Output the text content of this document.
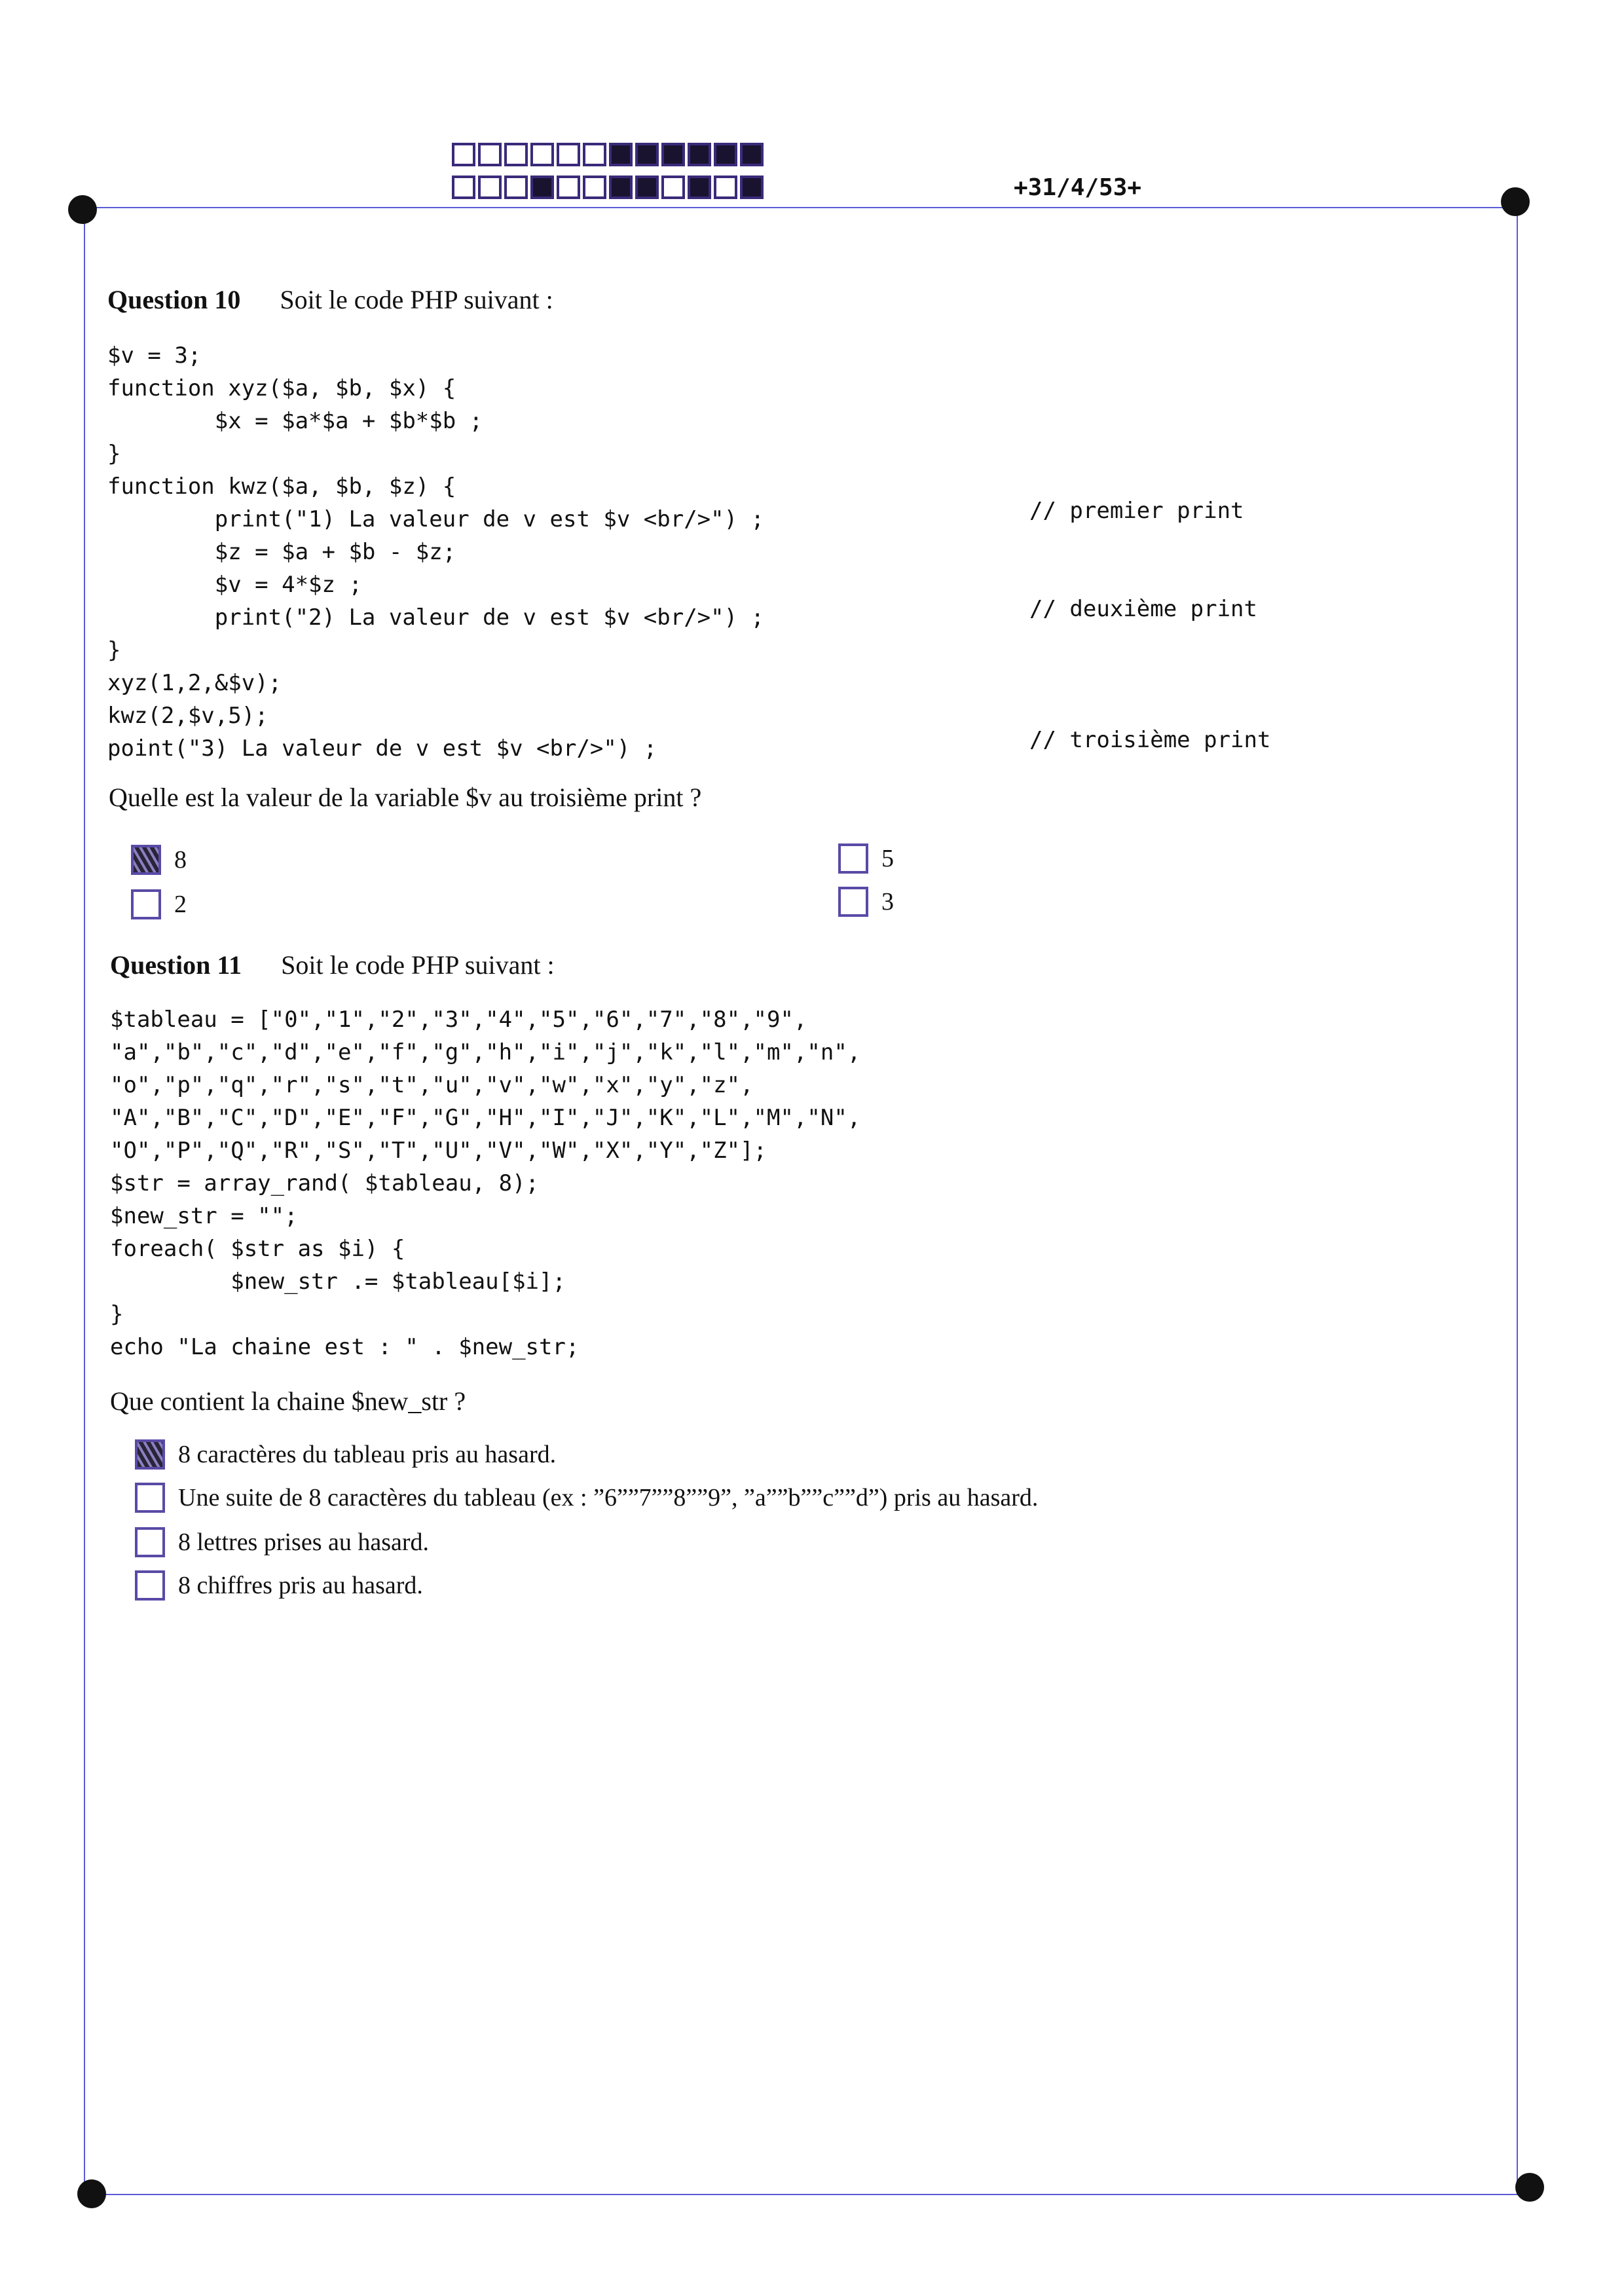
+31/4/53+
Question 10 Soit le code PHP suivant :
$v = 3;
function xyz($a, $b, $x) {
$x = $a*$a + $b*$b ;
}
function kwz($a, $b, $z) {
print("1) La valeur de v est $v <br/>") ;
$z = $a + $b - $z;
$v = 4*$z ;
print("2) La valeur de v est $v <br/>") ;
}
xyz(1,2,&$v);
kwz(2,$v,5);
point("3) La valeur de v est $v <br/>") ;
// premier print
// deuxième print
// troisième print
Quelle est la valeur de la variable $v au troisième print ?
8
2
5
3
Question 11 Soit le code PHP suivant :
$tableau = ["0","1","2","3","4","5","6","7","8","9",
"a","b","c","d","e","f","g","h","i","j","k","l","m","n",
"o","p","q","r","s","t","u","v","w","x","y","z",
"A","B","C","D","E","F","G","H","I","J","K","L","M","N",
"O","P","Q","R","S","T","U","V","W","X","Y","Z"];
$str = array_rand( $tableau, 8);
$new_str = "";
foreach( $str as $i) {
$new_str .= $tableau[$i];
}
echo "La chaine est : " . $new_str;
Que contient la chaine $new_str ?
8 caractères du tableau pris au hasard.
Une suite de 8 caractères du tableau (ex : ”6””7””8””9”, ”a””b””c””d”) pris au hasard.
8 lettres prises au hasard.
8 chiffres pris au hasard.
